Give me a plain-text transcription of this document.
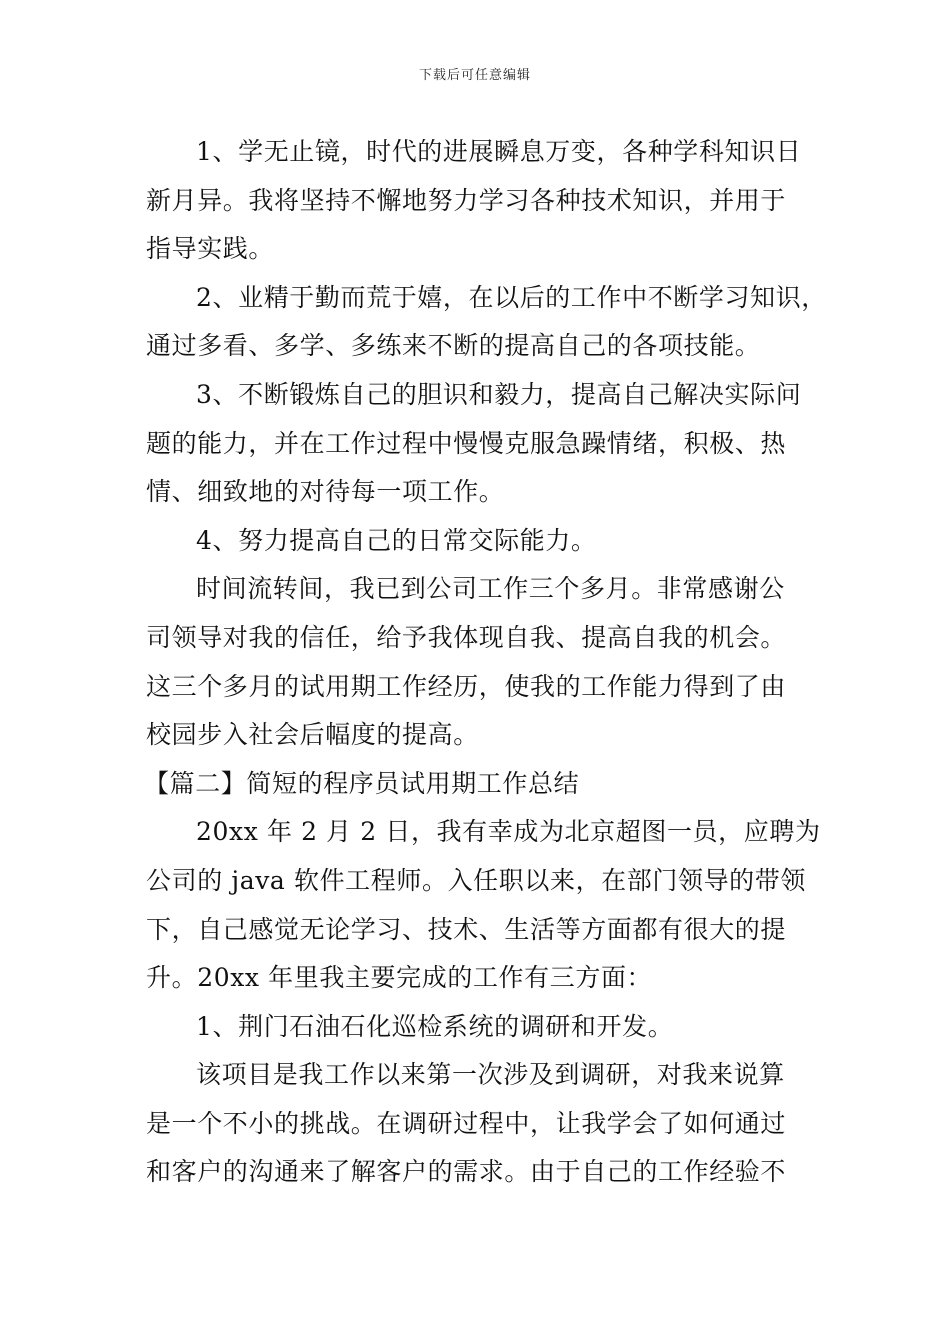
下载后可任意编辑
1、学无止镜，时代的进展瞬息万变，各种学科知识日
新月异。我将坚持不懈地努力学习各种技术知识，并用于
指导实践。
2、业精于勤而荒于嬉，在以后的工作中不断学习知识，
通过多看、多学、多练来不断的提高自己的各项技能。
3、不断锻炼自己的胆识和毅力，提高自己解决实际问
题的能力，并在工作过程中慢慢克服急躁情绪，积极、热
情、细致地的对待每一项工作。
4、努力提高自己的日常交际能力。
时间流转间，我已到公司工作三个多月。非常感谢公
司领导对我的信任，给予我体现自我、提高自我的机会。
这三个多月的试用期工作经历，使我的工作能力得到了由
校园步入社会后幅度的提高。
【篇二】简短的程序员试用期工作总结
20xx 年 2 月 2 日，我有幸成为北京超图一员，应聘为
公司的 java 软件工程师。入任职以来，在部门领导的带领
下，自己感觉无论学习、技术、生活等方面都有很大的提
升。20xx 年里我主要完成的工作有三方面：
1、荆门石油石化巡检系统的调研和开发。
该项目是我工作以来第一次涉及到调研，对我来说算
是一个不小的挑战。在调研过程中，让我学会了如何通过
和客户的沟通来了解客户的需求。由于自己的工作经验不
